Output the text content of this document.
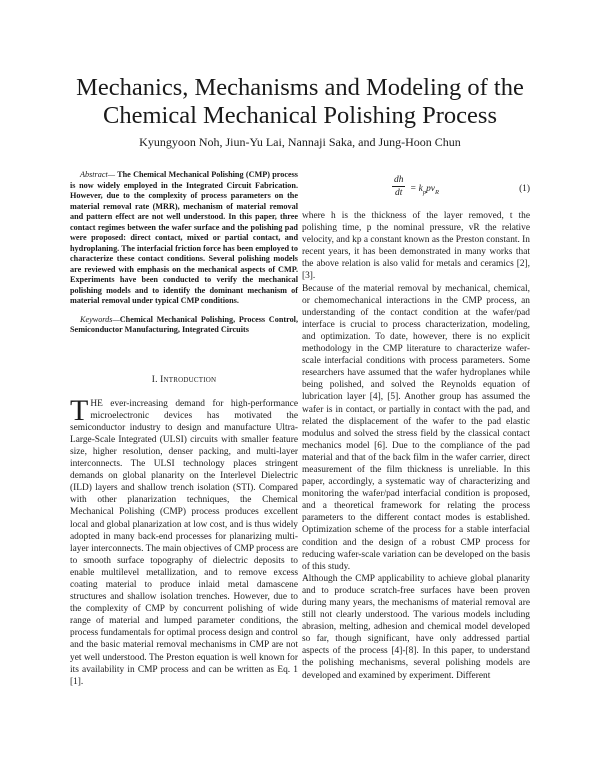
Mechanics, Mechanisms and Modeling of the
Chemical Mechanical Polishing Process
Kyungyoon Noh, Jiun-Yu Lai, Nannaji Saka, and Jung-Hoon Chun

Abstract— The Chemical Mechanical Polishing (CMP) process is now widely employed in the Integrated Circuit Fabrication. However, due to the complexity of process parameters on the material removal rate (MRR), mechanism of material removal and pattern effect are not well understood. In this paper, three contact regimes between the wafer surface and the polishing pad were proposed: direct contact, mixed or partial contact, and hydroplaning. The interfacial friction force has been employed to characterize these contact conditions. Several polishing models are reviewed with emphasis on the mechanical aspects of CMP. Experiments have been conducted to verify the mechanical polishing models and to identify the dominant mechanism of material removal under typical CMP conditions.

Keywords—Chemical Mechanical Polishing, Process Control, Semiconductor Manufacturing, Integrated Circuits

I. Introduction

THE ever-increasing demand for high-performance microelectronic devices has motivated the semiconductor industry to design and manufacture Ultra-Large-Scale Integrated (ULSI) circuits with smaller feature size, higher resolution, denser packing, and multi-layer interconnects. The ULSI technology places stringent demands on global planarity on the Interlevel Dielectric (ILD) layers and shallow trench isolation (STI). Compared with other planarization techniques, the Chemical Mechanical Polishing (CMP) process produces excellent local and global planarization at low cost, and is thus widely adopted in many back-end processes for planarizing multi-layer interconnects. The main objectives of CMP process are to smooth surface topography of dielectric deposits to enable multilevel metallization, and to remove excess coating material to produce inlaid metal damascene structures and shallow isolation trenches. However, due to the complexity of CMP by concurrent polishing of wide range of material and lumped parameter conditions, the process fundamentals for optimal process design and control and the basic material removal mechanisms in CMP are not yet well understood. The Preston equation is well known for its availability in CMP process and can be written as Eq. 1 [1].

$\frac{dh}{dt} = k_ppv_R$	(1)

where h is the thickness of the layer removed, t the polishing time, p the nominal pressure, vR the relative velocity, and kp a constant known as the Preston constant. In recent years, it has been demonstrated in many works that the above relation is also valid for metals and ceramics [2], [3].

Because of the material removal by mechanical, chemical, or chemomechanical interactions in the CMP process, an understanding of the contact condition at the wafer/pad interface is crucial to process characterization, modeling, and optimization. To date, however, there is no explicit methodology in the CMP literature to characterize wafer-scale interfacial conditions with process parameters. Some researchers have assumed that the wafer hydroplanes while being polished, and solved the Reynolds equation of lubrication layer [4], [5]. Another group has assumed the wafer is in contact, or partially in contact with the pad, and related the displacement of the wafer to the pad elastic modulus and solved the stress field by the classical contact mechanics model [6]. Due to the compliance of the pad material and that of the back film in the wafer carrier, direct measurement of the film thickness is unreliable. In this paper, accordingly, a systematic way of characterizing and monitoring the wafer/pad interfacial condition is proposed, and a theoretical framework for relating the process parameters to the different contact modes is established. Optimization scheme of the process for a stable interfacial condition and the design of a robust CMP process for reducing wafer-scale variation can be developed on the basis of this study.

Although the CMP applicability to achieve global planarity and to produce scratch-free surfaces have been proven during many years, the mechanisms of material removal are still not clearly understood. The various models including abrasion, melting, adhesion and chemical model developed so far, though significant, have only addressed partial aspects of the process [4]-[8]. In this paper, to understand the polishing mechanisms, several polishing models are developed and examined by experiment. Different
